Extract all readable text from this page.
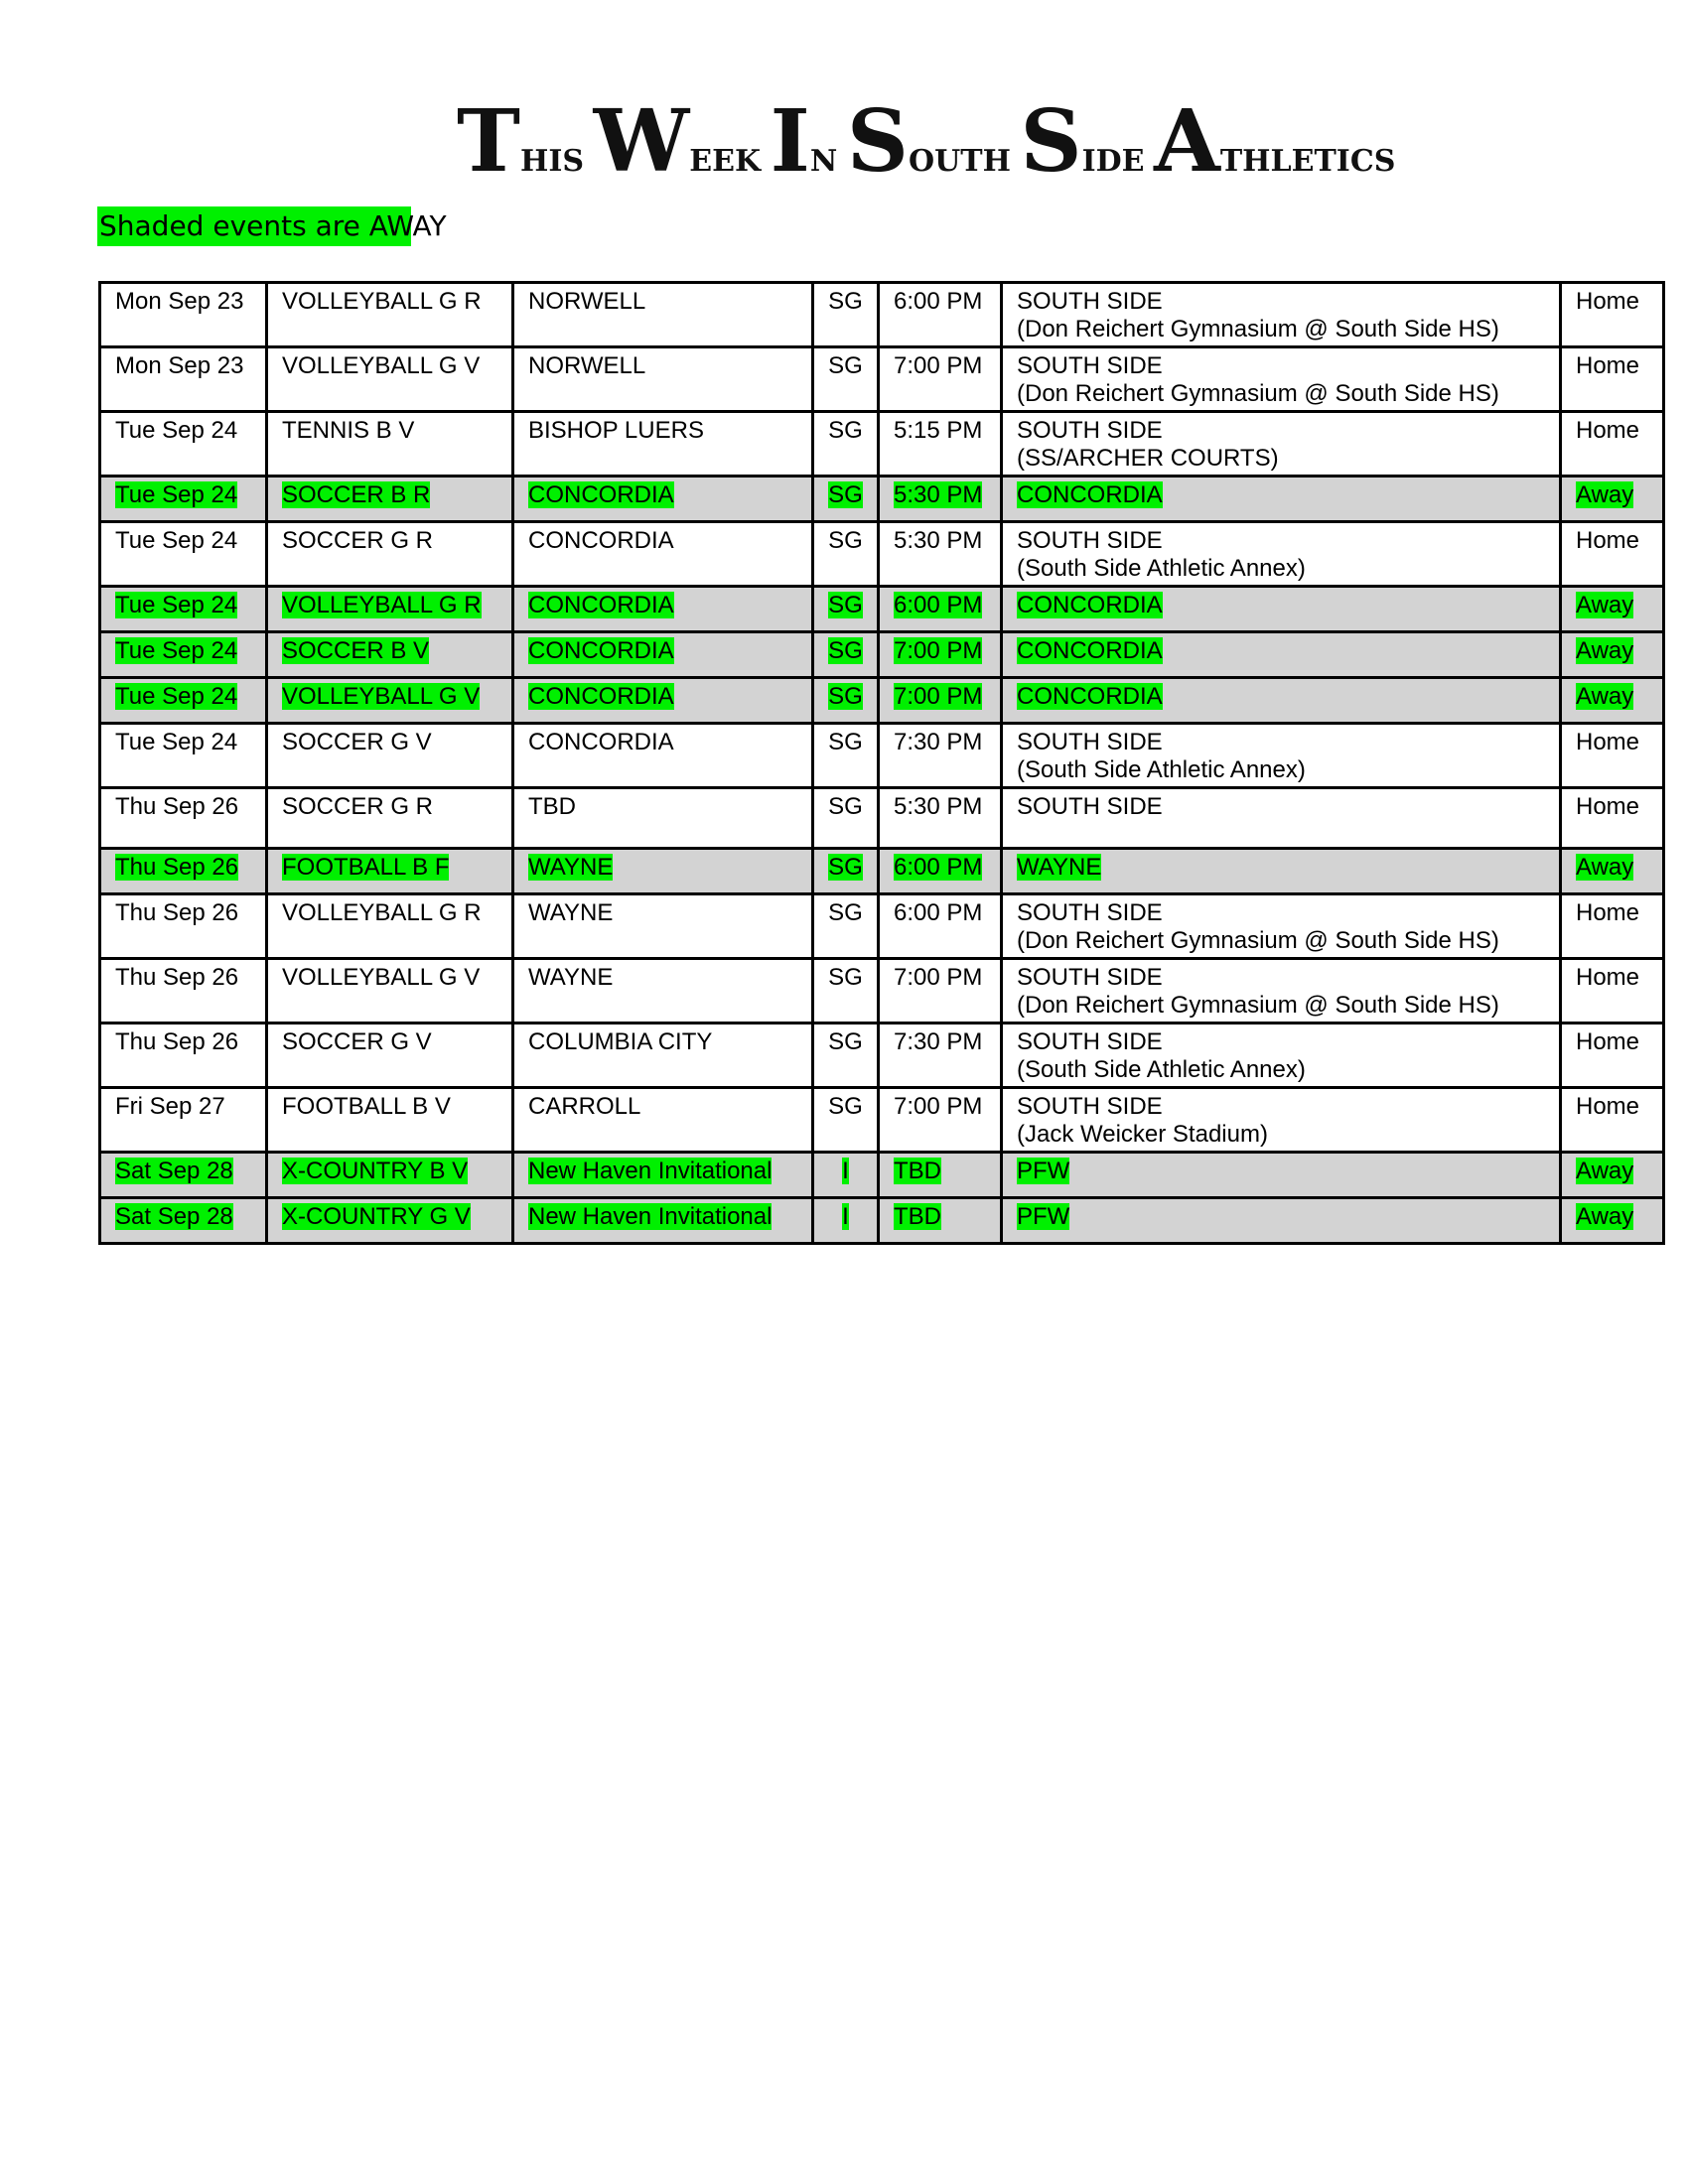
THIS WEEK IN SOUTH SIDE ATHLETICS
Shaded events are AWAY
Mon Sep 23	VOLLEYBALL G R	NORWELL	SG	6:00 PM	SOUTH SIDE
(Don Reichert Gymnasium @ South Side HS)	Home
Mon Sep 23	VOLLEYBALL G V	NORWELL	SG	7:00 PM	SOUTH SIDE
(Don Reichert Gymnasium @ South Side HS)	Home
Tue Sep 24	TENNIS B V	BISHOP LUERS	SG	5:15 PM	SOUTH SIDE
(SS/ARCHER COURTS)	Home
Tue Sep 24	SOCCER B R	CONCORDIA	SG	5:30 PM	CONCORDIA	Away
Tue Sep 24	SOCCER G R	CONCORDIA	SG	5:30 PM	SOUTH SIDE
(South Side Athletic Annex)	Home
Tue Sep 24	VOLLEYBALL G R	CONCORDIA	SG	6:00 PM	CONCORDIA	Away
Tue Sep 24	SOCCER B V	CONCORDIA	SG	7:00 PM	CONCORDIA	Away
Tue Sep 24	VOLLEYBALL G V	CONCORDIA	SG	7:00 PM	CONCORDIA	Away
Tue Sep 24	SOCCER G V	CONCORDIA	SG	7:30 PM	SOUTH SIDE
(South Side Athletic Annex)	Home
Thu Sep 26	SOCCER G R	TBD	SG	5:30 PM	SOUTH SIDE	Home
Thu Sep 26	FOOTBALL B F	WAYNE	SG	6:00 PM	WAYNE	Away
Thu Sep 26	VOLLEYBALL G R	WAYNE	SG	6:00 PM	SOUTH SIDE
(Don Reichert Gymnasium @ South Side HS)	Home
Thu Sep 26	VOLLEYBALL G V	WAYNE	SG	7:00 PM	SOUTH SIDE
(Don Reichert Gymnasium @ South Side HS)	Home
Thu Sep 26	SOCCER G V	COLUMBIA CITY	SG	7:30 PM	SOUTH SIDE
(South Side Athletic Annex)	Home
Fri Sep 27	FOOTBALL B V	CARROLL	SG	7:00 PM	SOUTH SIDE
(Jack Weicker Stadium)	Home
Sat Sep 28	X-COUNTRY B V	New Haven Invitational	I	TBD	PFW	Away
Sat Sep 28	X-COUNTRY G V	New Haven Invitational	I	TBD	PFW	Away
